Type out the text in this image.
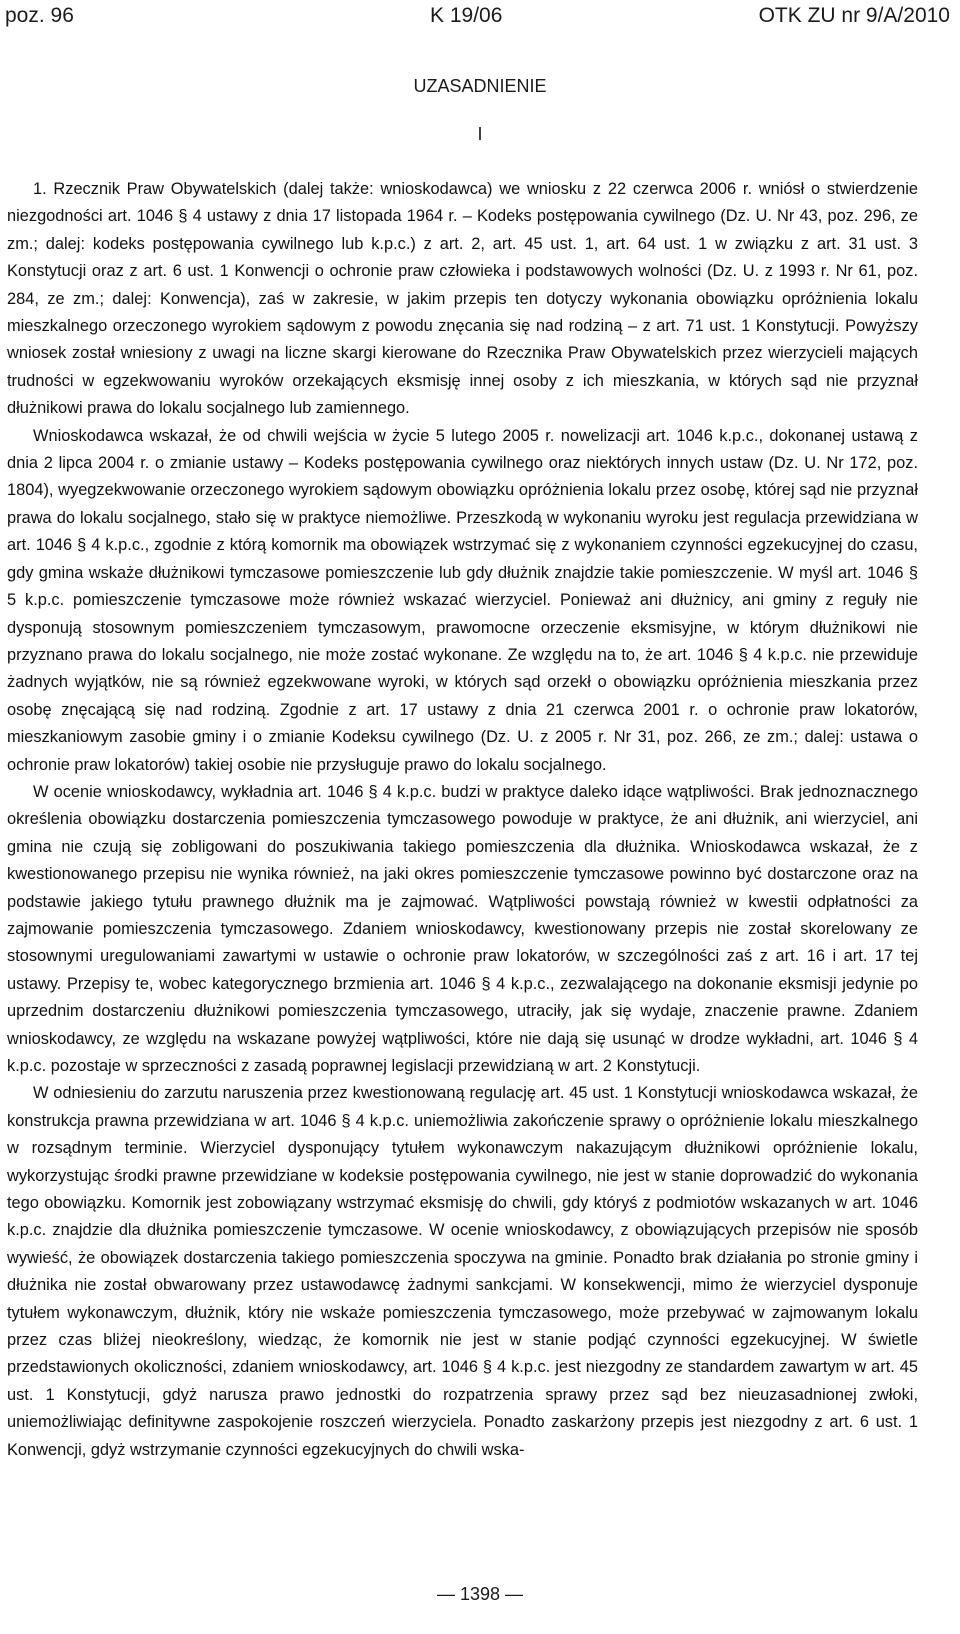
poz. 96	K 19/06	OTK ZU nr 9/A/2010
UZASADNIENIE
I

1. Rzecznik Praw Obywatelskich (dalej także: wnioskodawca) we wniosku z 22 czerwca 2006 r. wniósł o stwierdzenie niezgodności art. 1046 § 4 ustawy z dnia 17 listopada 1964 r. – Kodeks postępowania cywilnego (Dz. U. Nr 43, poz. 296, ze zm.; dalej: kodeks postępowania cywilnego lub k.p.c.) z art. 2, art. 45 ust. 1, art. 64 ust. 1 w związku z art. 31 ust. 3 Konstytucji oraz z art. 6 ust. 1 Konwencji o ochronie praw człowieka i podstawowych wolności (Dz. U. z 1993 r. Nr 61, poz. 284, ze zm.; dalej: Konwencja), zaś w zakresie, w jakim przepis ten dotyczy wykonania obowiązku opróżnienia lokalu mieszkalnego orzeczonego wyrokiem sądowym z powodu znęcania się nad rodziną – z art. 71 ust. 1 Konstytucji. Powyższy wniosek został wniesiony z uwagi na liczne skargi kierowane do Rzecznika Praw Obywatelskich przez wierzycieli mających trudności w egzekwowaniu wyroków orzekających eksmisję innej osoby z ich mieszkania, w których sąd nie przyznał dłużnikowi prawa do lokalu socjalnego lub zamiennego.

Wnioskodawca wskazał, że od chwili wejścia w życie 5 lutego 2005 r. nowelizacji art. 1046 k.p.c., dokonanej ustawą z dnia 2 lipca 2004 r. o zmianie ustawy – Kodeks postępowania cywilnego oraz niektórych innych ustaw (Dz. U. Nr 172, poz. 1804), wyegzekwowanie orzeczonego wyrokiem sądowym obowiązku opróżnienia lokalu przez osobę, której sąd nie przyznał prawa do lokalu socjalnego, stało się w praktyce niemożliwe. Przeszkodą w wykonaniu wyroku jest regulacja przewidziana w art. 1046 § 4 k.p.c., zgodnie z którą komornik ma obowiązek wstrzymać się z wykonaniem czynności egzekucyjnej do czasu, gdy gmina wskaże dłużnikowi tymczasowe pomieszczenie lub gdy dłużnik znajdzie takie pomieszczenie. W myśl art. 1046 § 5 k.p.c. pomieszczenie tymczasowe może również wskazać wierzyciel. Ponieważ ani dłużnicy, ani gminy z reguły nie dysponują stosownym pomieszczeniem tymczasowym, prawomocne orzeczenie eksmisyjne, w którym dłużnikowi nie przyznano prawa do lokalu socjalnego, nie może zostać wykonane. Ze względu na to, że art. 1046 § 4 k.p.c. nie przewiduje żadnych wyjątków, nie są również egzekwowane wyroki, w których sąd orzekł o obowiązku opróżnienia mieszkania przez osobę znęcającą się nad rodziną. Zgodnie z art. 17 ustawy z dnia 21 czerwca 2001 r. o ochronie praw lokatorów, mieszkaniowym zasobie gminy i o zmianie Kodeksu cywilnego (Dz. U. z 2005 r. Nr 31, poz. 266, ze zm.; dalej: ustawa o ochronie praw lokatorów) takiej osobie nie przysługuje prawo do lokalu socjalnego.

W ocenie wnioskodawcy, wykładnia art. 1046 § 4 k.p.c. budzi w praktyce daleko idące wątpliwości. Brak jednoznacznego określenia obowiązku dostarczenia pomieszczenia tymczasowego powoduje w praktyce, że ani dłużnik, ani wierzyciel, ani gmina nie czują się zobligowani do poszukiwania takiego pomieszczenia dla dłużnika. Wnioskodawca wskazał, że z kwestionowanego przepisu nie wynika również, na jaki okres pomieszczenie tymczasowe powinno być dostarczone oraz na podstawie jakiego tytułu prawnego dłużnik ma je zajmować. Wątpliwości powstają również w kwestii odpłatności za zajmowanie pomieszczenia tymczasowego. Zdaniem wnioskodawcy, kwestionowany przepis nie został skorelowany ze stosownymi uregulowaniami zawartymi w ustawie o ochronie praw lokatorów, w szczególności zaś z art. 16 i art. 17 tej ustawy. Przepisy te, wobec kategorycznego brzmienia art. 1046 § 4 k.p.c., zezwalającego na dokonanie eksmisji jedynie po uprzednim dostarczeniu dłużnikowi pomieszczenia tymczasowego, utraciły, jak się wydaje, znaczenie prawne. Zdaniem wnioskodawcy, ze względu na wskazane powyżej wątpliwości, które nie dają się usunąć w drodze wykładni, art. 1046 § 4 k.p.c. pozostaje w sprzeczności z zasadą poprawnej legislacji przewidzianą w art. 2 Konstytucji.

W odniesieniu do zarzutu naruszenia przez kwestionowaną regulację art. 45 ust. 1 Konstytucji wnioskodawca wskazał, że konstrukcja prawna przewidziana w art. 1046 § 4 k.p.c. uniemożliwia zakończenie sprawy o opróżnienie lokalu mieszkalnego w rozsądnym terminie. Wierzyciel dysponujący tytułem wykonawczym nakazującym dłużnikowi opróżnienie lokalu, wykorzystując środki prawne przewidziane w kodeksie postępowania cywilnego, nie jest w stanie doprowadzić do wykonania tego obowiązku. Komornik jest zobowiązany wstrzymać eksmisję do chwili, gdy któryś z podmiotów wskazanych w art. 1046 k.p.c. znajdzie dla dłużnika pomieszczenie tymczasowe. W ocenie wnioskodawcy, z obowiązujących przepisów nie sposób wywieść, że obowiązek dostarczenia takiego pomieszczenia spoczywa na gminie. Ponadto brak działania po stronie gminy i dłużnika nie został obwarowany przez ustawodawcę żadnymi sankcjami. W konsekwencji, mimo że wierzyciel dysponuje tytułem wykonawczym, dłużnik, który nie wskaże pomieszczenia tymczasowego, może przebywać w zajmowanym lokalu przez czas bliżej nieokreślony, wiedząc, że komornik nie jest w stanie podjąć czynności egzekucyjnej. W świetle przedstawionych okoliczności, zdaniem wnioskodawcy, art. 1046 § 4 k.p.c. jest niezgodny ze standardem zawartym w art. 45 ust. 1 Konstytucji, gdyż narusza prawo jednostki do rozpatrzenia sprawy przez sąd bez nieuzasadnionej zwłoki, uniemożliwiając definitywne zaspokojenie roszczeń wierzyciela. Ponadto zaskarżony przepis jest niezgodny z art. 6 ust. 1 Konwencji, gdyż wstrzymanie czynności egzekucyjnych do chwili wska-

— 1398 —
